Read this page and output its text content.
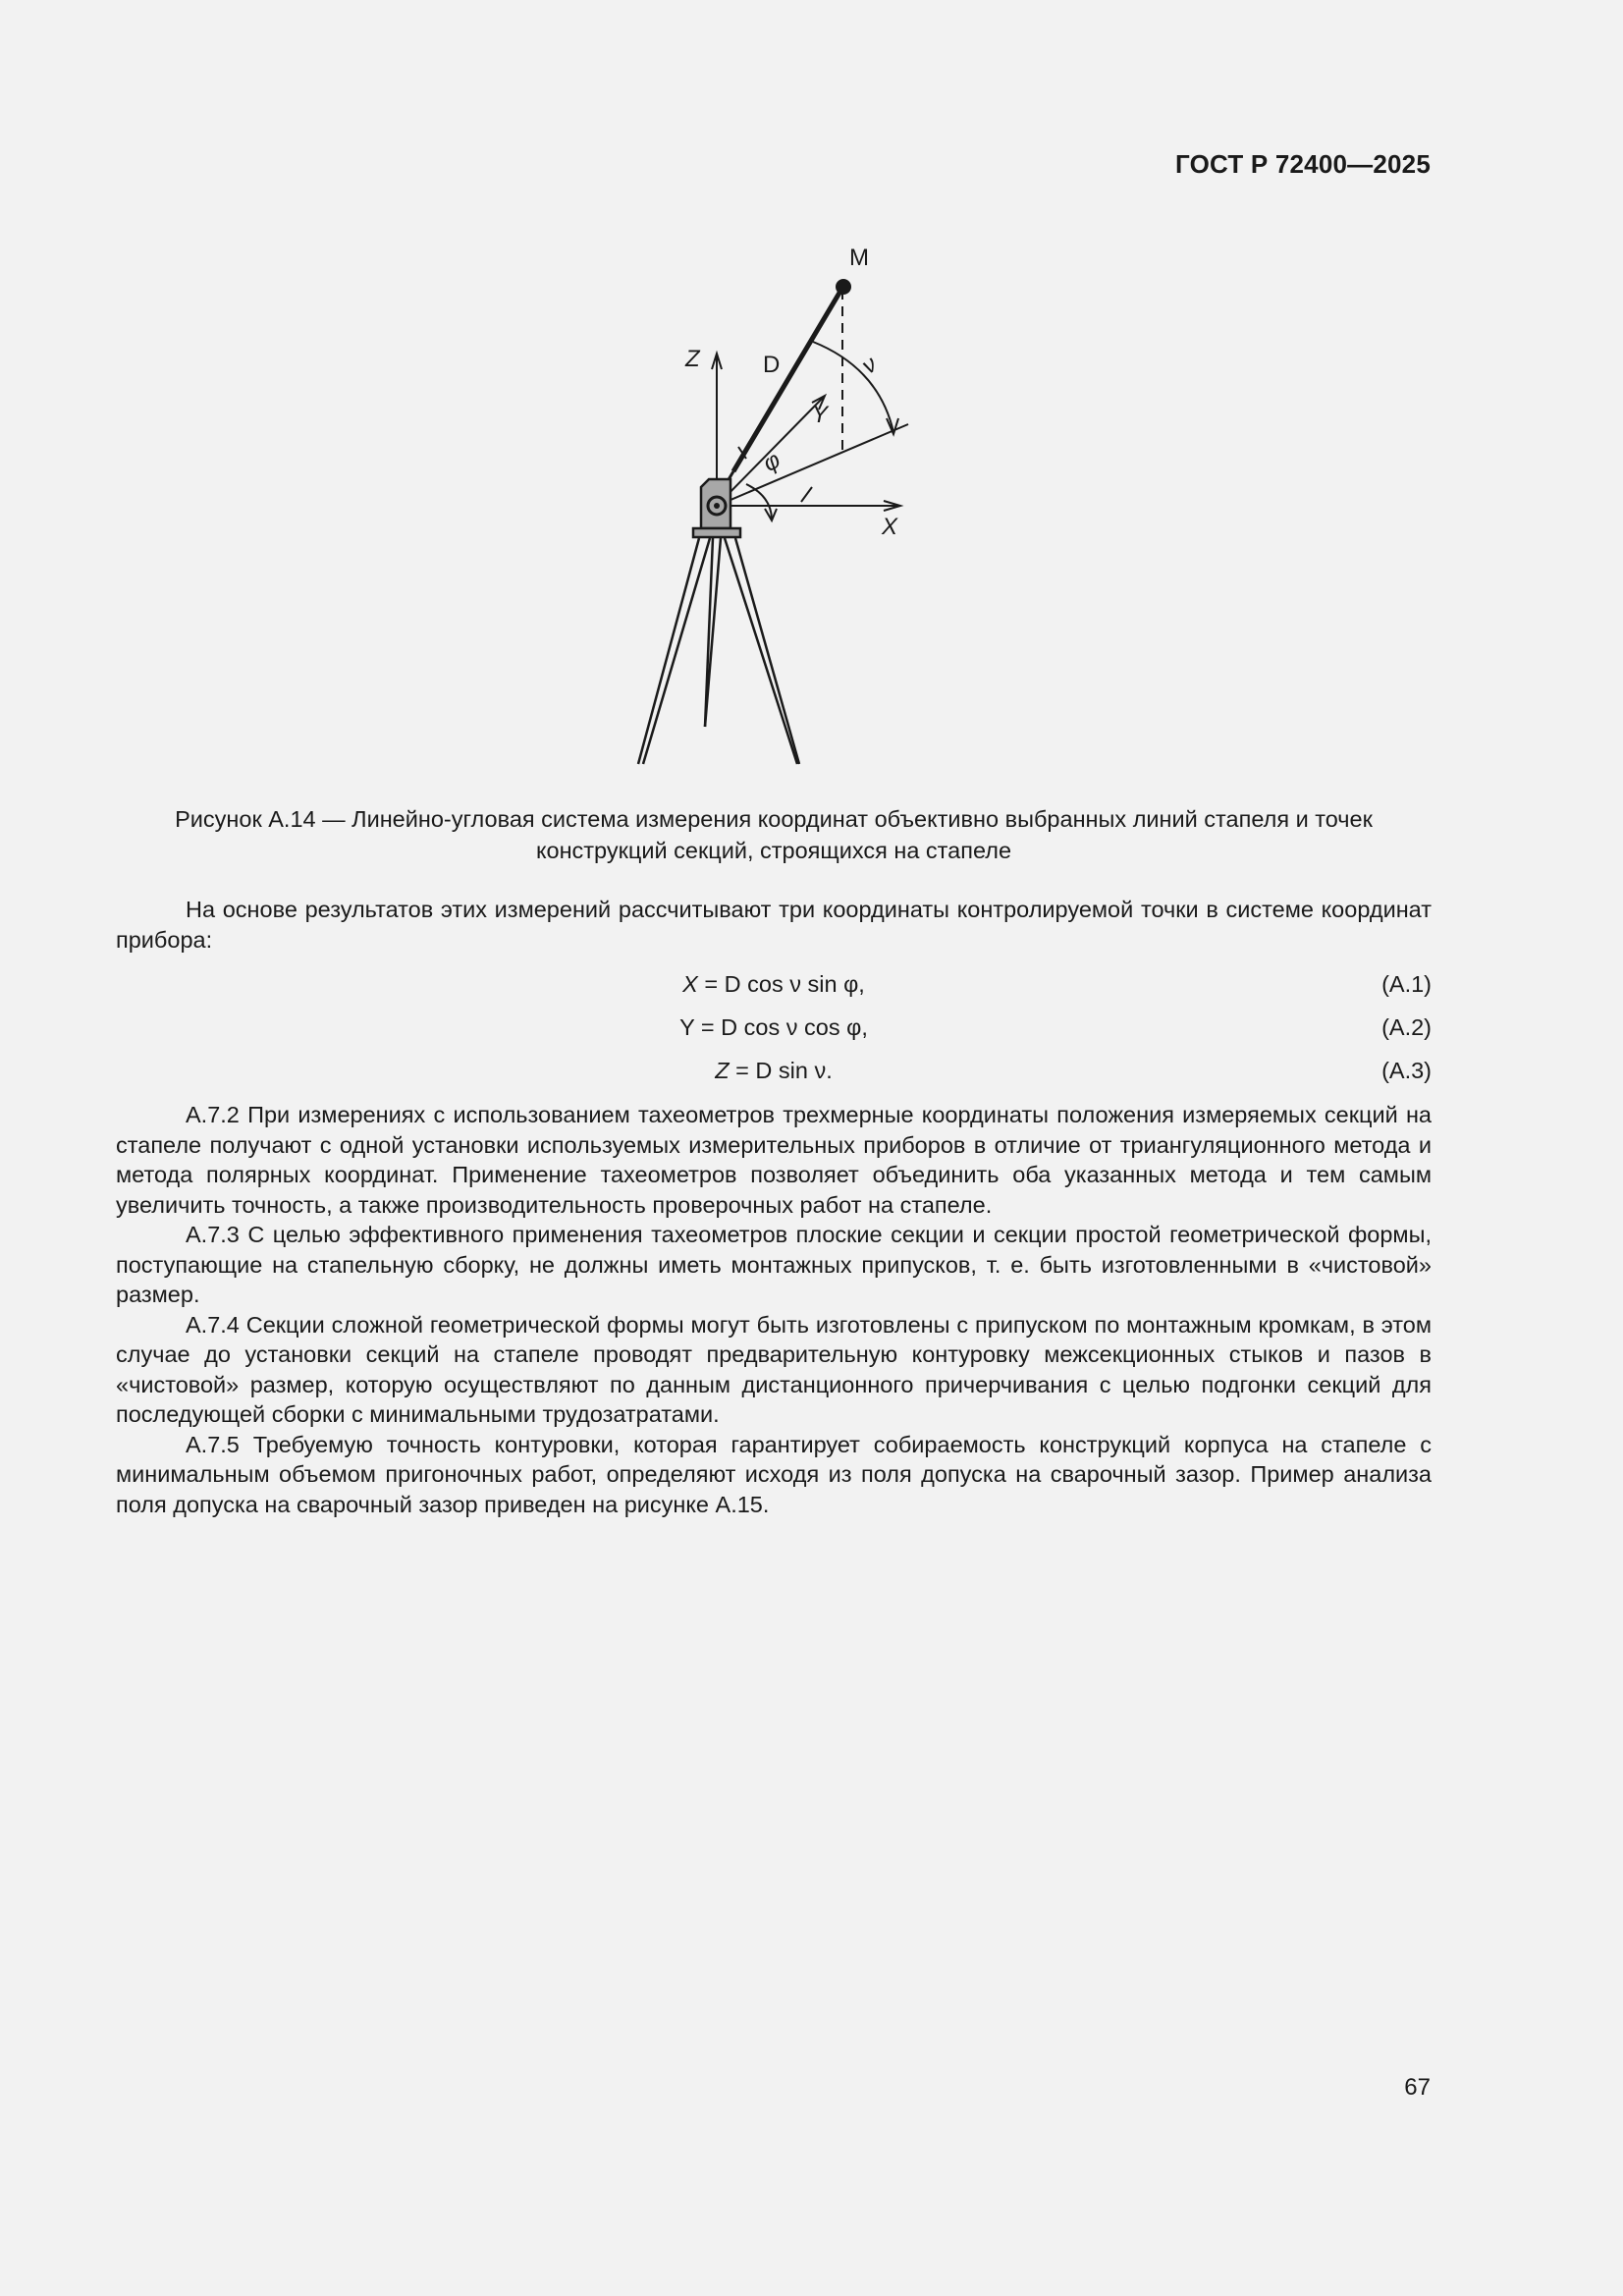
ГОСТ Р 72400—2025
M
Z	D
Y
X
ν
φ
Рисунок А.14 — Линейно-угловая система измерения координат объективно выбранных линий стапеля и точек
конструкций секций, строящихся на стапеле

На основе результатов этих измерений рассчитывают три координаты контролируемой точки в системе координат прибора:

X = D cos ν sin φ,	(А.1)
Y = D cos ν cos φ,	(А.2)
Z = D sin ν.	(А.3)

А.7.2 При измерениях с использованием тахеометров трехмерные координаты положения измеряемых секций на стапеле получают с одной установки используемых измерительных приборов в отличие от триангуляционного метода и метода полярных координат. Применение тахеометров позволяет объединить оба указанных метода и тем самым увеличить точность, а также производительность проверочных работ на стапеле.

А.7.3 С целью эффективного применения тахеометров плоские секции и секции простой геометрической формы, поступающие на стапельную сборку, не должны иметь монтажных припусков, т. е. быть изготовленными в «чистовой» размер.

А.7.4 Секции сложной геометрической формы могут быть изготовлены с припуском по монтажным кромкам, в этом случае до установки секций на стапеле проводят предварительную контуровку межсекционных стыков и пазов в «чистовой» размер, которую осуществляют по данным дистанционного причерчивания с целью подгонки секций для последующей сборки с минимальными трудозатратами.

А.7.5 Требуемую точность контуровки, которая гарантирует собираемость конструкций корпуса на стапеле с минимальным объемом пригоночных работ, определяют исходя из поля допуска на сварочный зазор. Пример анализа поля допуска на сварочный зазор приведен на рисунке А.15.

67
